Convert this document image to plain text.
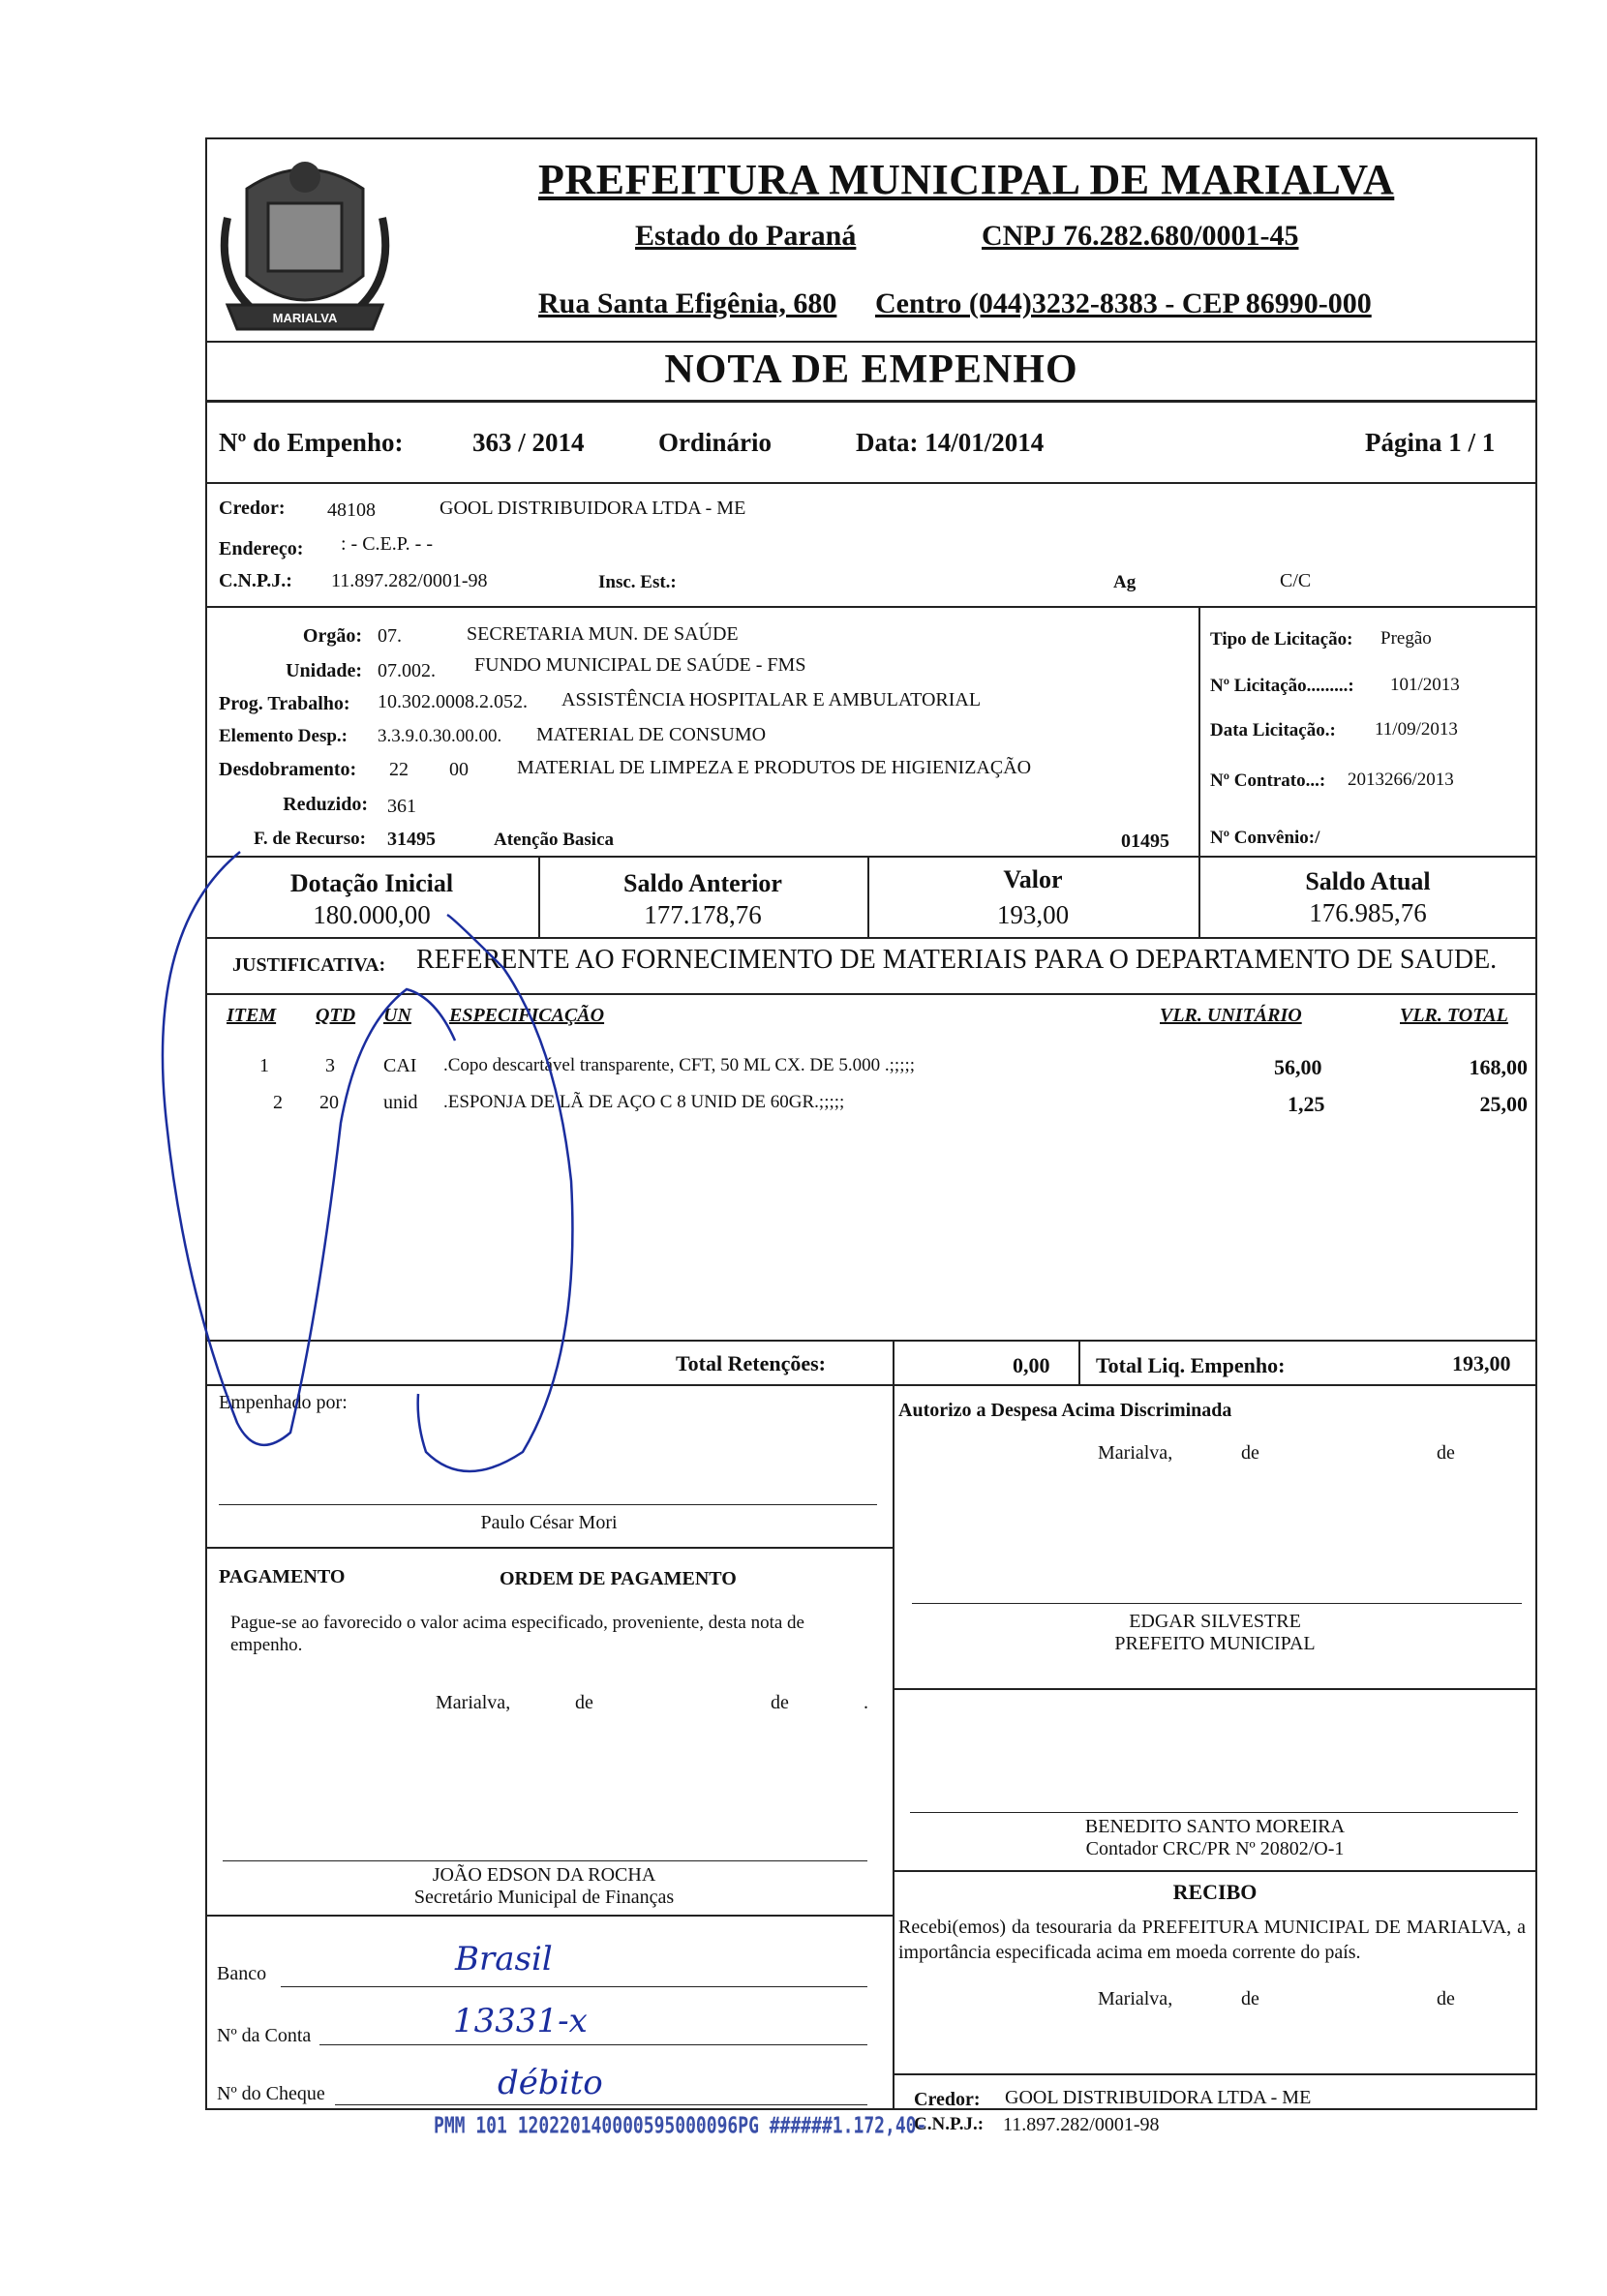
MARIALVA
PREFEITURA MUNICIPAL DE MARIALVA
Estado do Paraná	CNPJ 76.282.680/0001-45
Rua Santa Efigênia, 680 Centro (044)3232-8383 - CEP 86990-000
NOTA DE EMPENHO
Nº do Empenho:	363 / 2014	Ordinário	Data: 14/01/2014	Página 1 / 1
Credor: 48108	GOOL DISTRIBUIDORA LTDA - ME
Endereço: : - C.E.P. - -
C.N.P.J.: 11.897.282/0001-98	Insc. Est.:	Ag	C/C
Orgão: 07.	SECRETARIA MUN. DE SAÚDE
Unidade: 07.002. FUNDO MUNICIPAL DE SAÚDE - FMS
Prog. Trabalho: 10.302.0008.2.052. ASSISTÊNCIA HOSPITALAR E AMBULATORIAL
Elemento Desp.: 3.3.9.0.30.00.00. MATERIAL DE CONSUMO
Desdobramento: 22 00	MATERIAL DE LIMPEZA E PRODUTOS DE HIGIENIZAÇÃO
Reduzido: 361
F. de Recurso: 31495	Atenção Basica	01495
Tipo de Licitação: Pregão
Nº Licitação.........: 101/2013
Data Licitação.: 11/09/2013
Nº Contrato...: 2013266/2013
Nº Convênio:/
Dotação Inicial
180.000,00
Saldo Anterior
177.178,76
Valor
193,00
Saldo Atual
176.985,76
JUSTIFICATIVA: REFERENTE AO FORNECIMENTO DE MATERIAIS PARA O DEPARTAMENTO DE SAUDE.
ITEM QTD UN ESPECIFICAÇÃO	VLR. UNITÁRIO	VLR. TOTAL
1	3	CAI .Copo descartável transparente, CFT, 50 ML CX. DE 5.000 .;;;;;	56,00	168,00
2 20 unid .ESPONJA DE LÃ DE AÇO C 8 UNID DE 60GR.;;;;;	1,25	25,00
Total Retenções:	0,00 Total Liq. Empenho:	193,00
Empenhado por:
Paulo César Mori
Autorizo a Despesa Acima Discriminada
Marialva,	de	de
PAGAMENTO	ORDEM DE PAGAMENTO
Pague-se ao favorecido o valor acima especificado, proveniente, desta nota de empenho.
Marialva,	de	de	.
EDGAR SILVESTRE
PREFEITO MUNICIPAL
BENEDITO SANTO MOREIRA
Contador CRC/PR Nº 20802/O-1
JOÃO EDSON DA ROCHA
Secretário Municipal de Finanças	RECIBO
Recebi(emos) da tesouraria da PREFEITURA MUNICIPAL DE MARIALVA, a importância especificada acima em moeda corrente do país.
Marialva,	de	de
Banco	Brasil
Nº da Conta	13331-x
Nº do Cheque	débito	Credor: GOOL DISTRIBUIDORA LTDA - ME
C.N.P.J.: 11.897.282/0001-98
PMM 101 120220140000595000096PG ######1.172,40-
